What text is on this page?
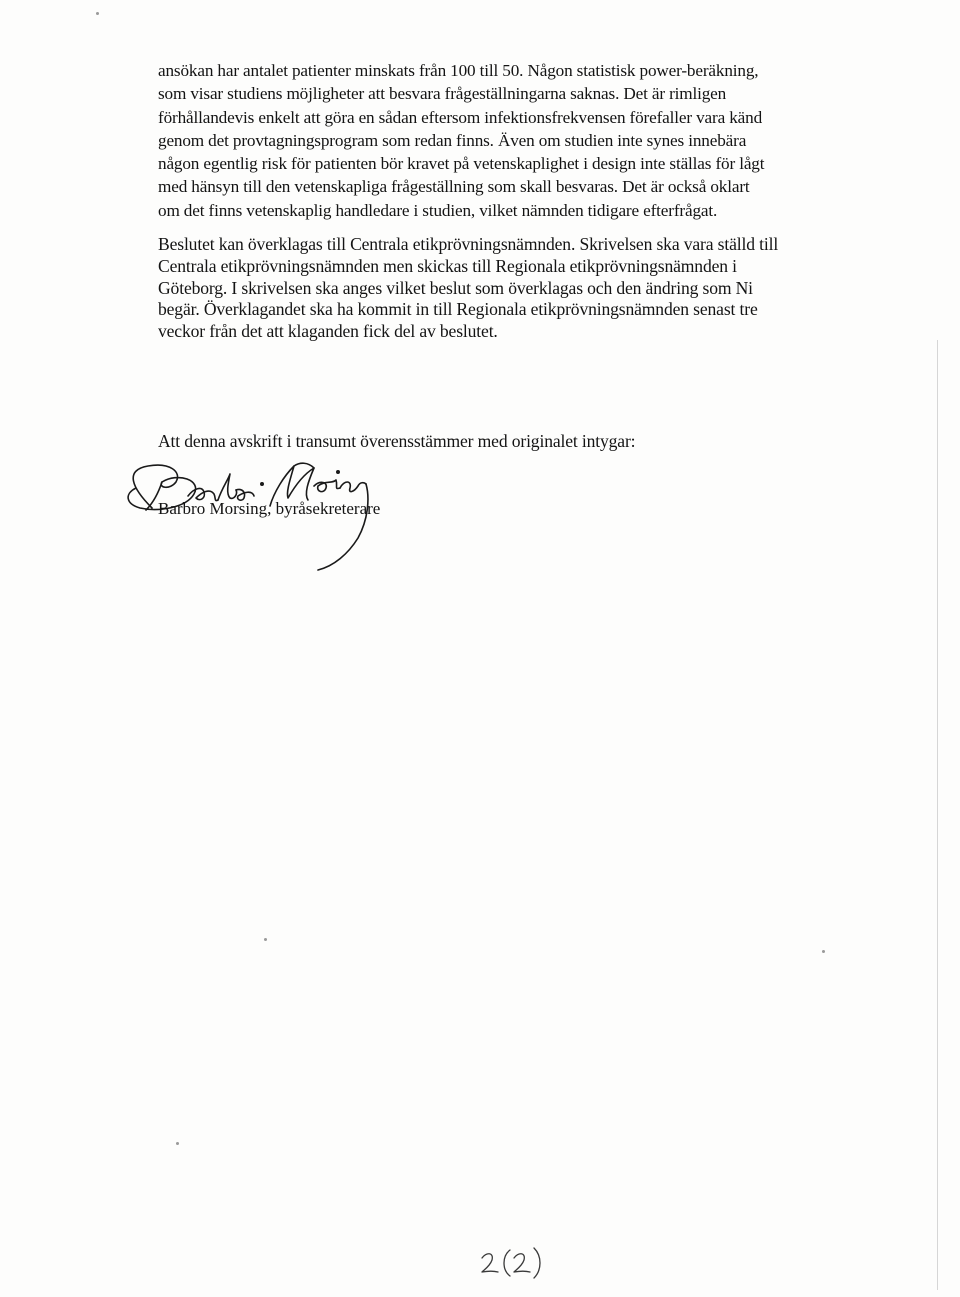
ansökan har antalet patienter minskats från 100 till 50. Någon statistisk power-beräkning,
som visar studiens möjligheter att besvara frågeställningarna saknas. Det är rimligen
förhållandevis enkelt att göra en sådan eftersom infektionsfrekvensen förefaller vara känd
genom det provtagningsprogram som redan finns. Även om studien inte synes innebära
någon egentlig risk för patienten bör kravet på vetenskaplighet i design inte ställas för lågt
med hänsyn till den vetenskapliga frågeställning som skall besvaras. Det är också oklart
om det finns vetenskaplig handledare i studien, vilket nämnden tidigare efterfrågat.
Beslutet kan överklagas till Centrala etikprövningsnämnden. Skrivelsen ska vara ställd till
Centrala etikprövningsnämnden men skickas till Regionala etikprövningsnämnden i
Göteborg. I skrivelsen ska anges vilket beslut som överklagas och den ändring som Ni
begär. Överklagandet ska ha kommit in till Regionala etikprövningsnämnden senast tre
veckor från det att klaganden fick del av beslutet.
Att denna avskrift i transumt överensstämmer med originalet intygar:
Barbro Morsing, byråsekreterare
